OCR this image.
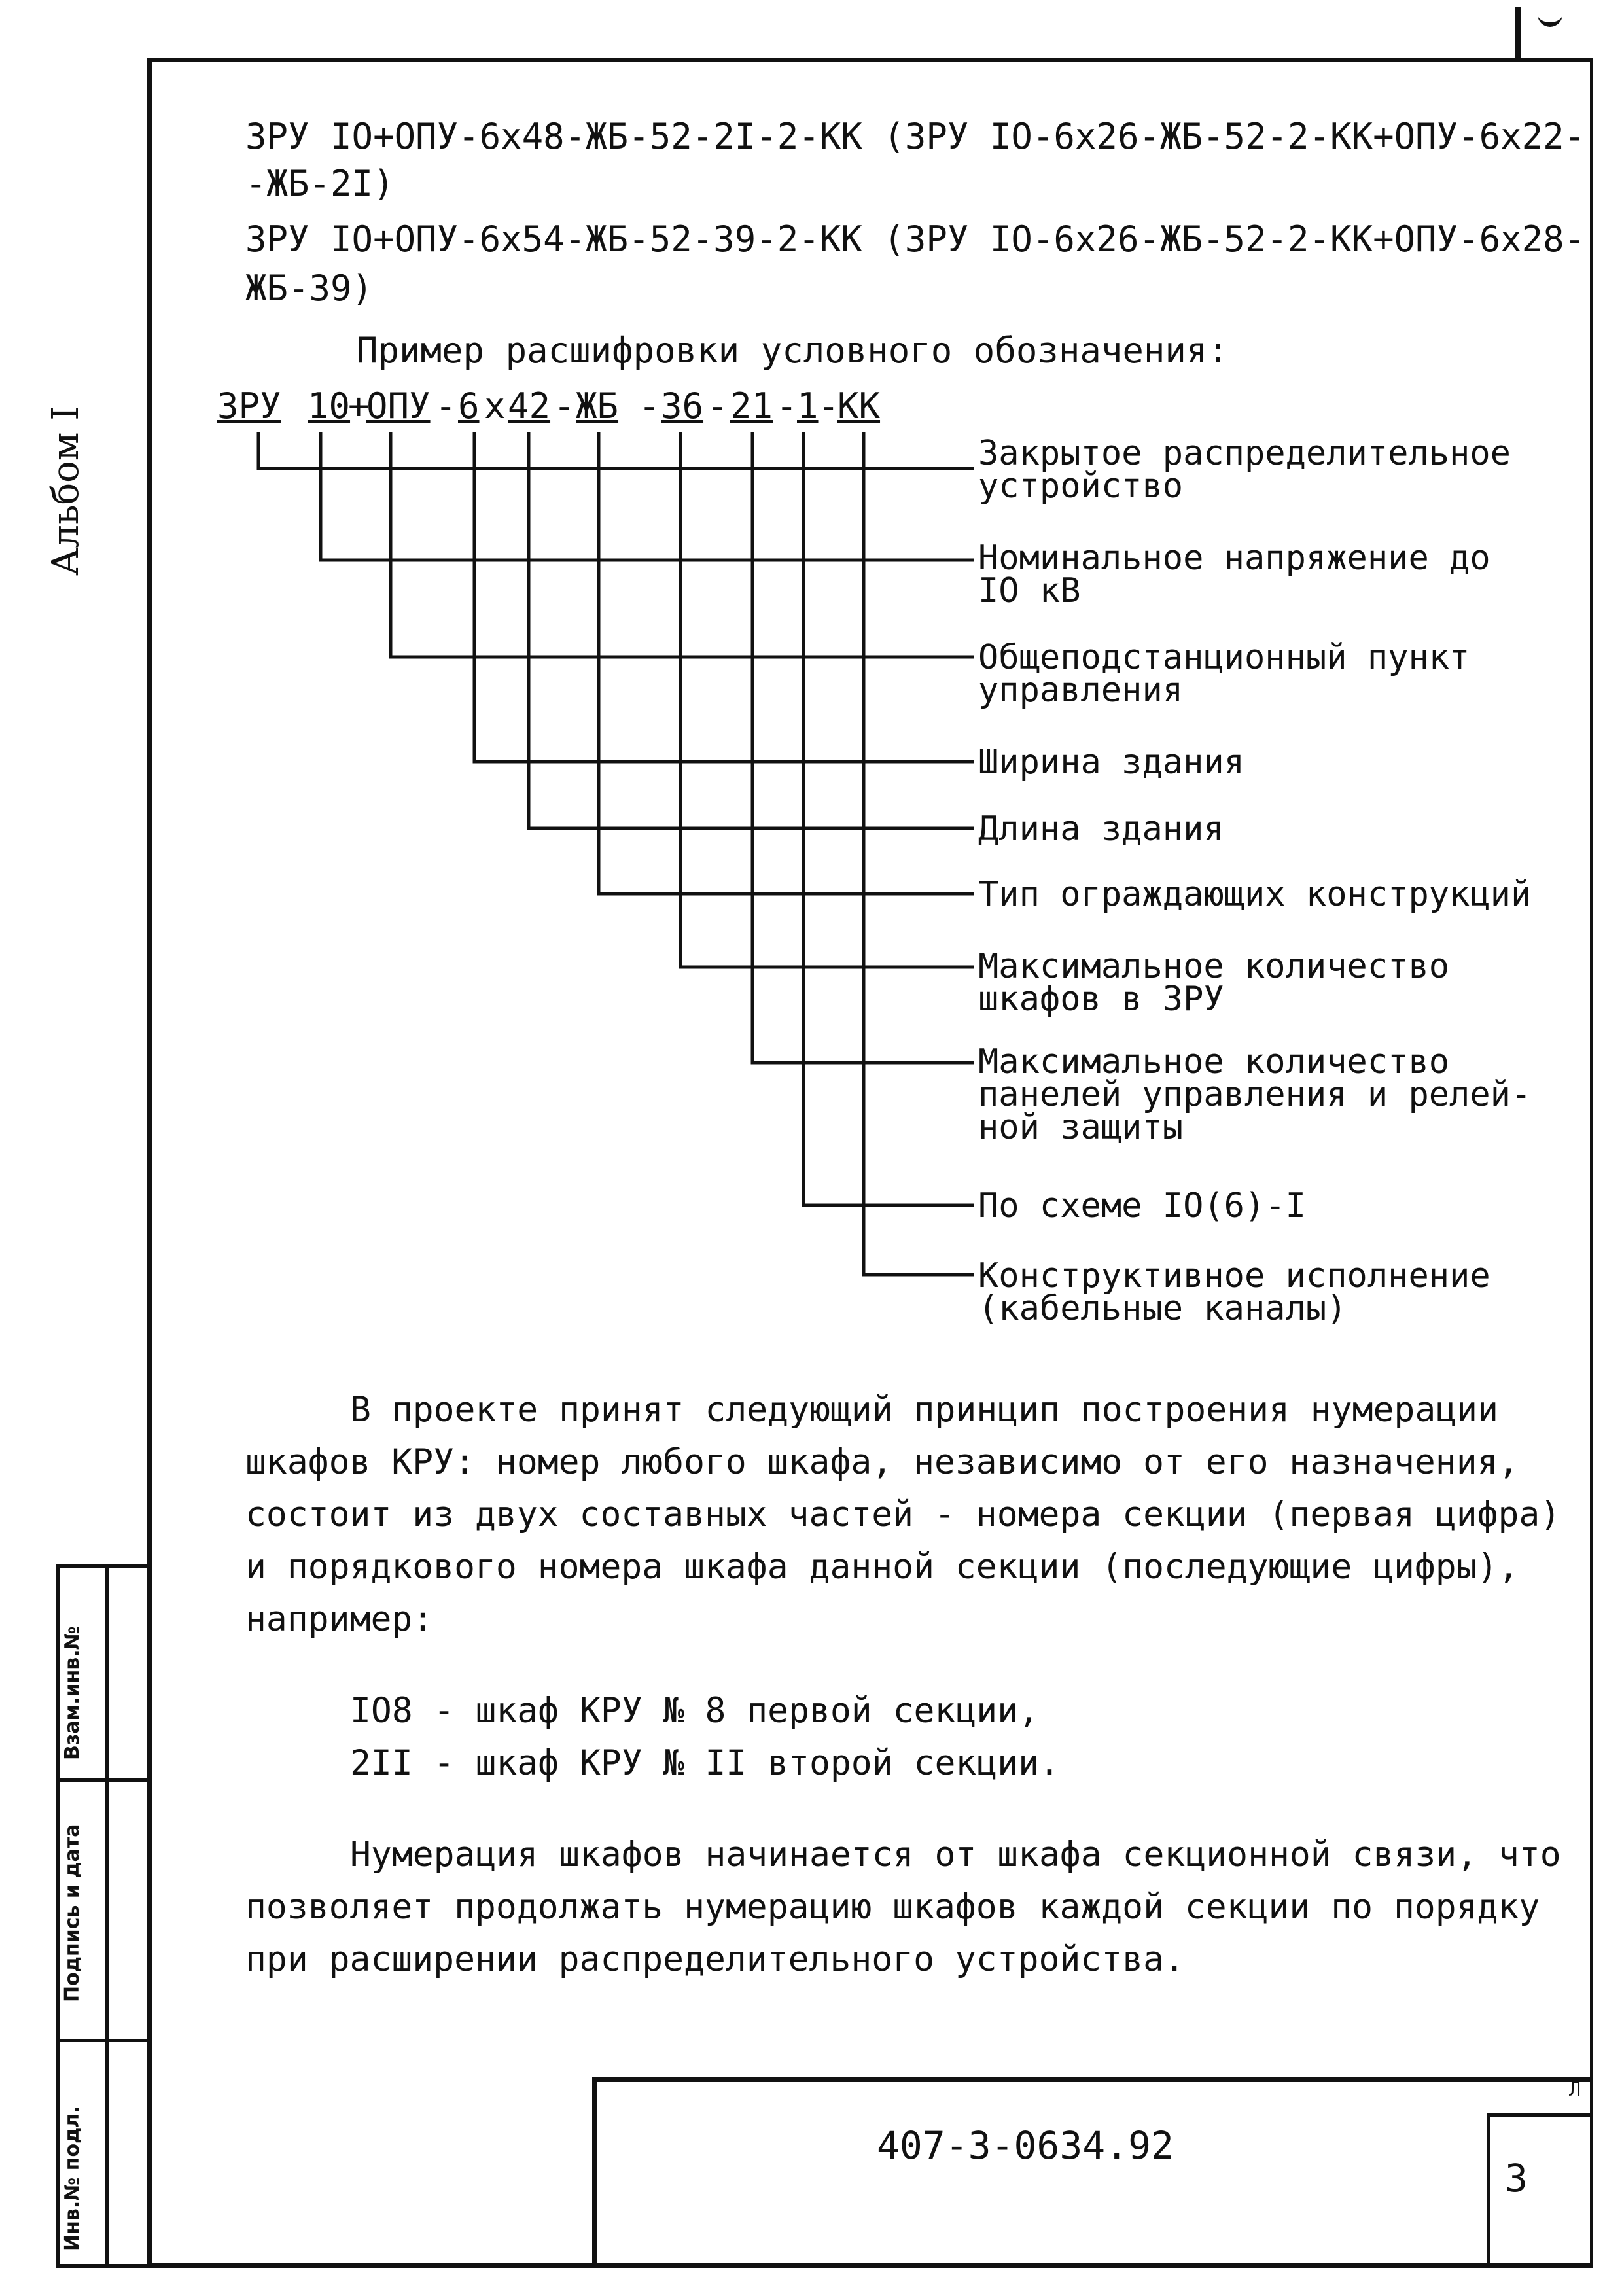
Альбом I
ЗРУ IO+OПУ-6x48-ЖБ-52-2I-2-КК (ЗРУ IO-6x26-ЖБ-52-2-КК+ОПУ-6x22-
-ЖБ-2I)
ЗРУ IO+OПУ-6x54-ЖБ-52-39-2-КК (ЗРУ IO-6x26-ЖБ-52-2-КК+ОПУ-6x28-
ЖБ-39)
Пример расшифровки условного обозначения:
ЗРУ 10
+
ОПУ - 6 x 42 - ЖБ - 36 - 21 - 1 -
КК
Закрытое распределительное
устройство
Номинальное напряжение до
IO кВ
Общеподстанционный пункт
управления
Ширина здания
Длина здания
Тип ограждающих конструкций
Максимальное количество
шкафов в ЗРУ
Максимальное количество
панелей управления и релей-
ной защиты
По схеме IO(6)-I
Конструктивное исполнение
(кабельные каналы)
В проекте принят следующий принцип построения нумерации
шкафов КРУ: номер любого шкафа, независимо от его назначения,
состоит из двух составных частей - номера секции (первая цифра)
и порядкового номера шкафа данной секции (последующие цифры),
например:
IO8 - шкаф КРУ № 8 первой секции,
2II - шкаф КРУ № II второй секции.
Нумерация шкафов начинается от шкафа секционной связи, что
позволяет продолжать нумерацию шкафов каждой секции по порядку
при расширении распределительного устройства.
Инв.№ подл.
Подпись и дата
Взам.инв.№
407-3-0634.92
Л
3
